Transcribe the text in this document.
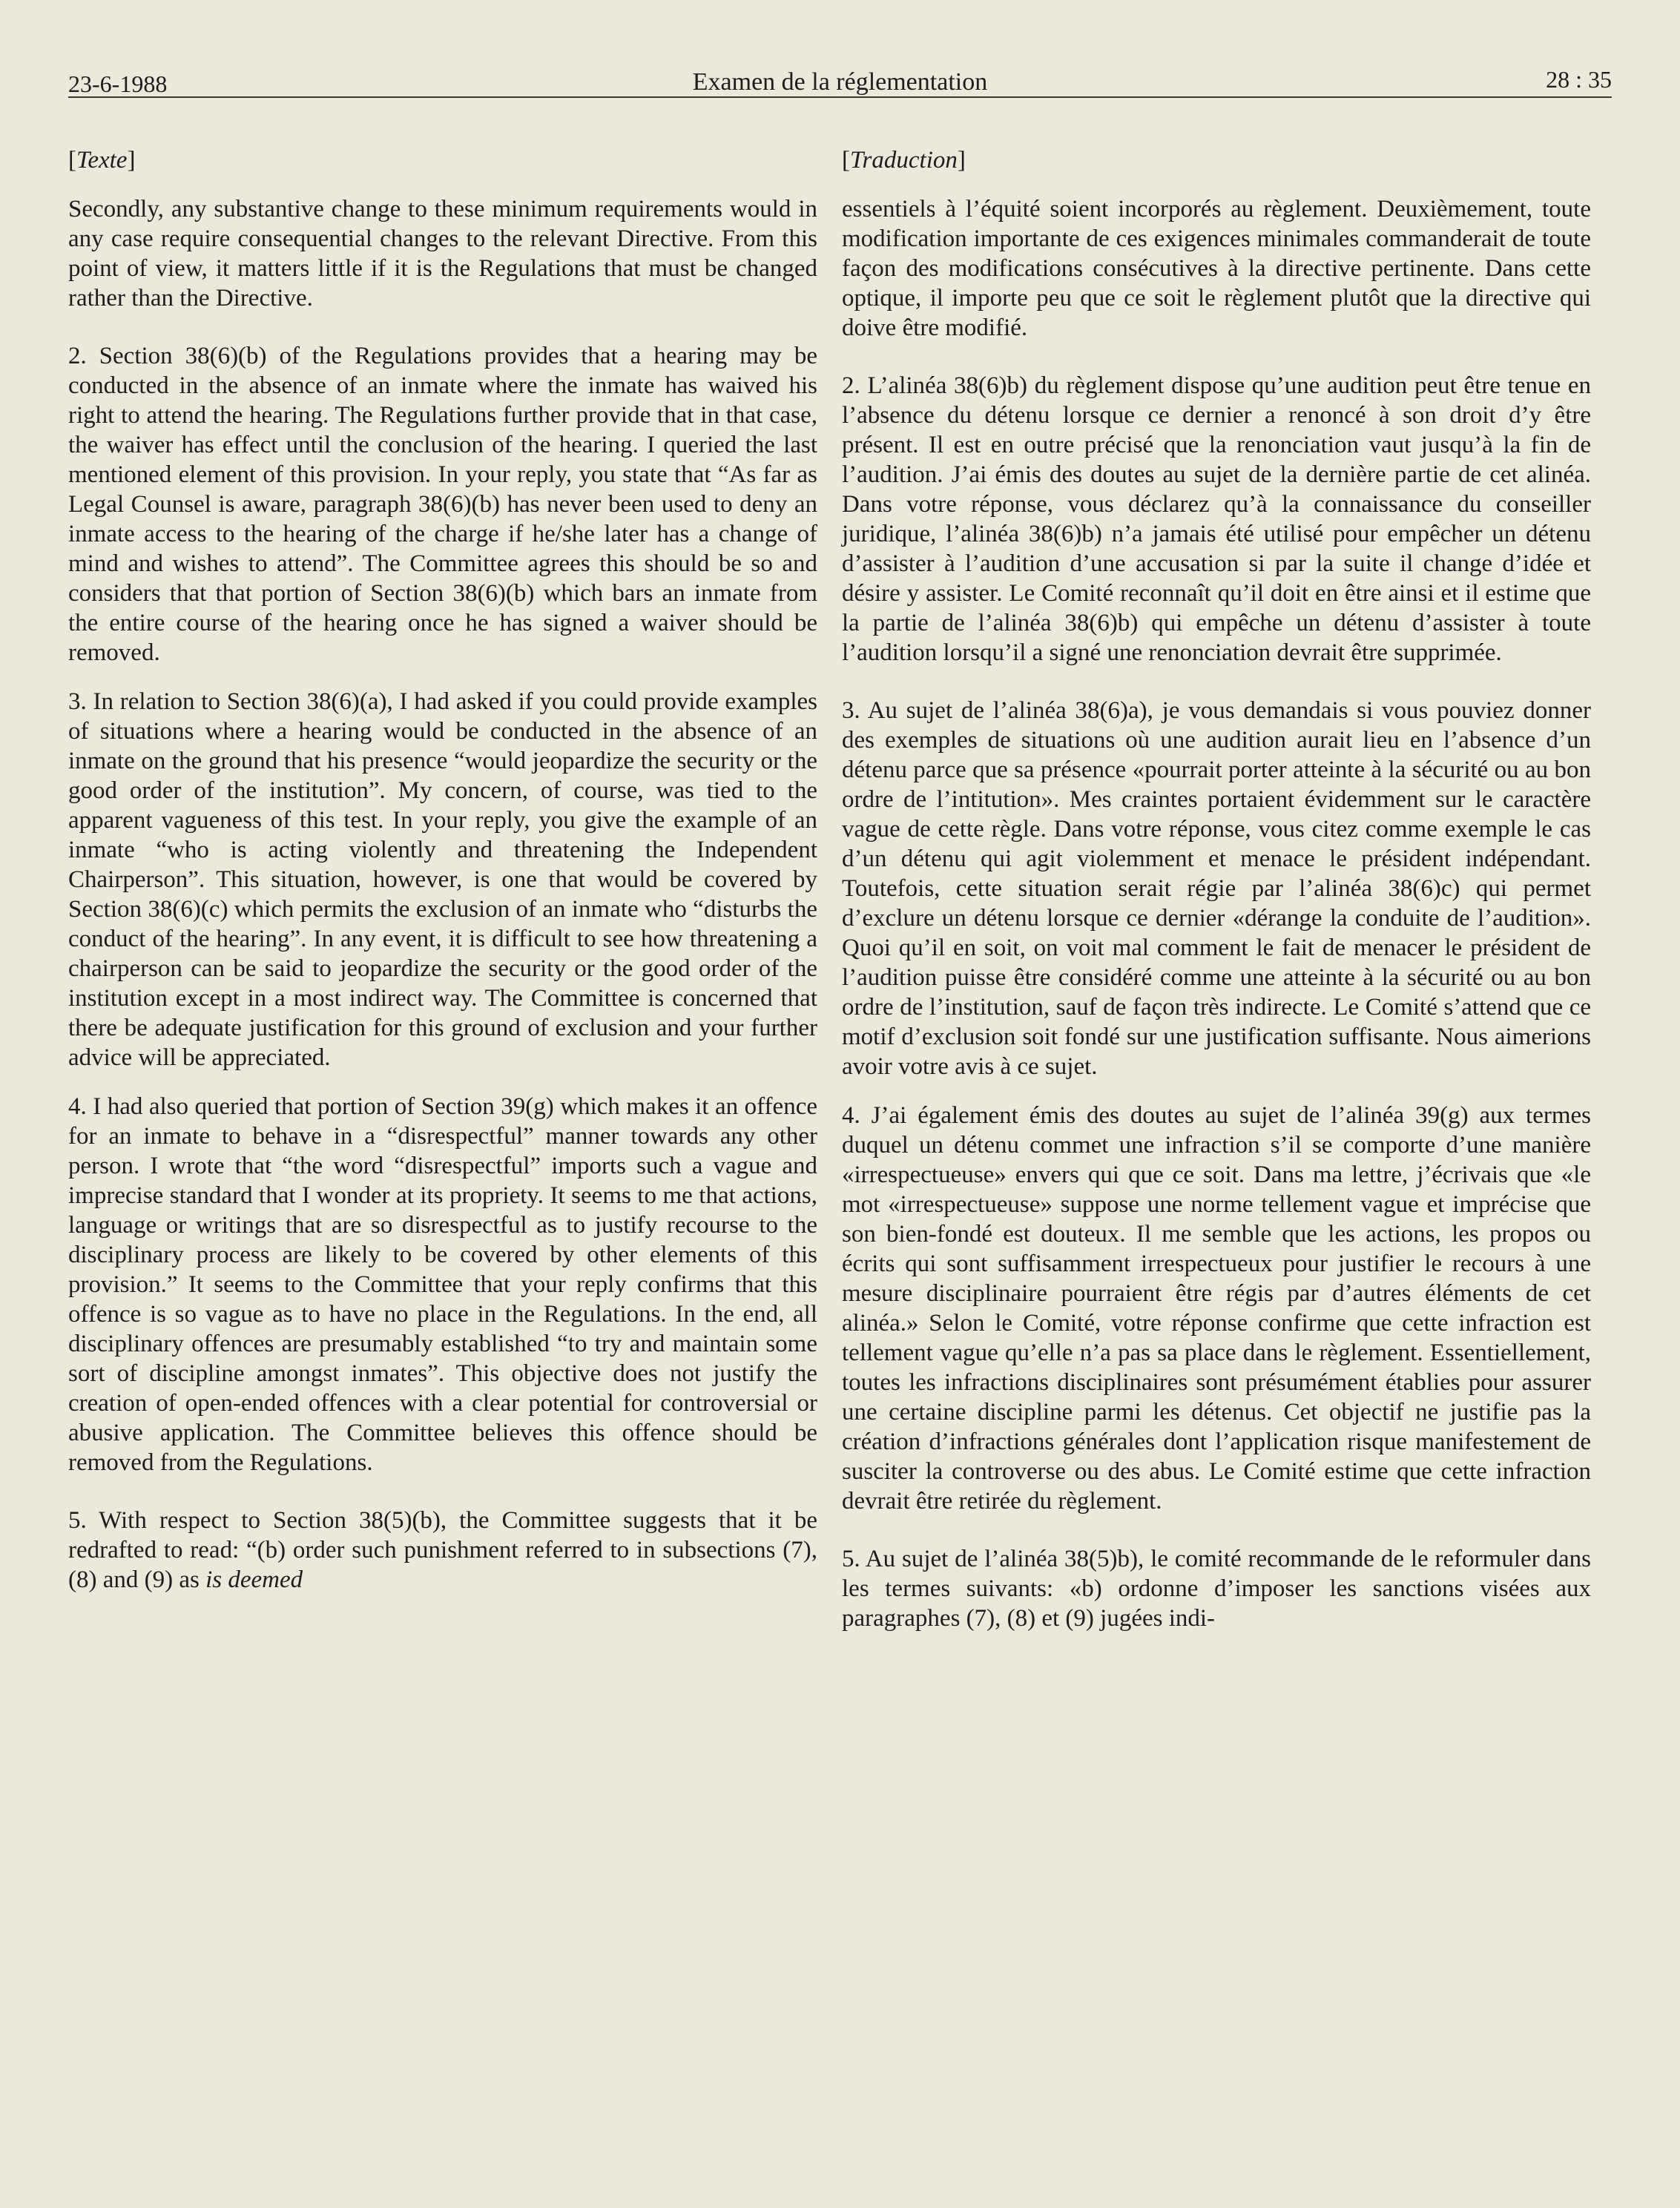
23-6-1988	Examen de la réglementation	28 : 35

[Texte]

Secondly, any substantive change to these minimum requirements would in any case require consequential changes to the relevant Directive. From this point of view, it matters little if it is the Regulations that must be changed rather than the Directive.

2. Section 38(6)(b) of the Regulations provides that a hearing may be conducted in the absence of an inmate where the inmate has waived his right to attend the hearing. The Regulations further provide that in that case, the waiver has effect until the conclusion of the hearing. I queried the last mentioned element of this provision. In your reply, you state that “As far as Legal Counsel is aware, paragraph 38(6)(b) has never been used to deny an inmate access to the hearing of the charge if he/she later has a change of mind and wishes to attend”. The Committee agrees this should be so and considers that that portion of Section 38(6)(b) which bars an inmate from the entire course of the hearing once he has signed a waiver should be removed.

3. In relation to Section 38(6)(a), I had asked if you could provide examples of situations where a hearing would be conducted in the absence of an inmate on the ground that his presence “would jeopardize the security or the good order of the institution”. My concern, of course, was tied to the apparent vagueness of this test. In your reply, you give the example of an inmate “who is acting violently and threatening the Independent Chairperson”. This situation, however, is one that would be covered by Section 38(6)(c) which permits the exclusion of an inmate who “disturbs the conduct of the hearing”. In any event, it is difficult to see how threatening a chairperson can be said to jeopardize the security or the good order of the institution except in a most indirect way. The Committee is concerned that there be adequate justification for this ground of exclusion and your further advice will be appreciated.

4. I had also queried that portion of Section 39(g) which makes it an offence for an inmate to behave in a “disrespectful” manner towards any other person. I wrote that “the word “disrespectful” imports such a vague and imprecise standard that I wonder at its propriety. It seems to me that actions, language or writings that are so disrespectful as to justify recourse to the disciplinary process are likely to be covered by other elements of this provision.” It seems to the Committee that your reply confirms that this offence is so vague as to have no place in the Regulations. In the end, all disciplinary offences are presumably established “to try and maintain some sort of discipline amongst inmates”. This objective does not justify the creation of open-ended offences with a clear potential for controversial or abusive application. The Committee believes this offence should be removed from the Regulations.

5. With respect to Section 38(5)(b), the Committee suggests that it be redrafted to read: “(b) order such punishment referred to in subsections (7), (8) and (9) as is deemed

[Traduction]

essentiels à l’équité soient incorporés au règlement. Deuxièmement, toute modification importante de ces exigences minimales commanderait de toute façon des modifications consécutives à la directive pertinente. Dans cette optique, il importe peu que ce soit le règlement plutôt que la directive qui doive être modifié.

2. L’alinéa 38(6)b) du règlement dispose qu’une audition peut être tenue en l’absence du détenu lorsque ce dernier a renoncé à son droit d’y être présent. Il est en outre précisé que la renonciation vaut jusqu’à la fin de l’audition. J’ai émis des doutes au sujet de la dernière partie de cet alinéa. Dans votre réponse, vous déclarez qu’à la connaissance du conseiller juridique, l’alinéa 38(6)b) n’a jamais été utilisé pour empêcher un détenu d’assister à l’audition d’une accusation si par la suite il change d’idée et désire y assister. Le Comité reconnaît qu’il doit en être ainsi et il estime que la partie de l’alinéa 38(6)b) qui empêche un détenu d’assister à toute l’audition lorsqu’il a signé une renonciation devrait être supprimée.

3. Au sujet de l’alinéa 38(6)a), je vous demandais si vous pouviez donner des exemples de situations où une audition aurait lieu en l’absence d’un détenu parce que sa présence «pourrait porter atteinte à la sécurité ou au bon ordre de l’intitution». Mes craintes portaient évidemment sur le caractère vague de cette règle. Dans votre réponse, vous citez comme exemple le cas d’un détenu qui agit violemment et menace le président indépendant. Toutefois, cette situation serait régie par l’alinéa 38(6)c) qui permet d’exclure un détenu lorsque ce dernier «dérange la conduite de l’audition». Quoi qu’il en soit, on voit mal comment le fait de menacer le président de l’audition puisse être considéré comme une atteinte à la sécurité ou au bon ordre de l’institution, sauf de façon très indirecte. Le Comité s’attend que ce motif d’exclusion soit fondé sur une justification suffisante. Nous aimerions avoir votre avis à ce sujet.

4. J’ai également émis des doutes au sujet de l’alinéa 39(g) aux termes duquel un détenu commet une infraction s’il se comporte d’une manière «irrespectueuse» envers qui que ce soit. Dans ma lettre, j’écrivais que «le mot «irrespectueuse» suppose une norme tellement vague et imprécise que son bien-fondé est douteux. Il me semble que les actions, les propos ou écrits qui sont suffisamment irrespectueux pour justifier le recours à une mesure disciplinaire pourraient être régis par d’autres éléments de cet alinéa.» Selon le Comité, votre réponse confirme que cette infraction est tellement vague qu’elle n’a pas sa place dans le règlement. Essentiellement, toutes les infractions disciplinaires sont présumément établies pour assurer une certaine discipline parmi les détenus. Cet objectif ne justifie pas la création d’infractions générales dont l’application risque manifestement de susciter la controverse ou des abus. Le Comité estime que cette infraction devrait être retirée du règlement.

5. Au sujet de l’alinéa 38(5)b), le comité recommande de le reformuler dans les termes suivants: «b) ordonne d’imposer les sanctions visées aux paragraphes (7), (8) et (9) jugées indi-
